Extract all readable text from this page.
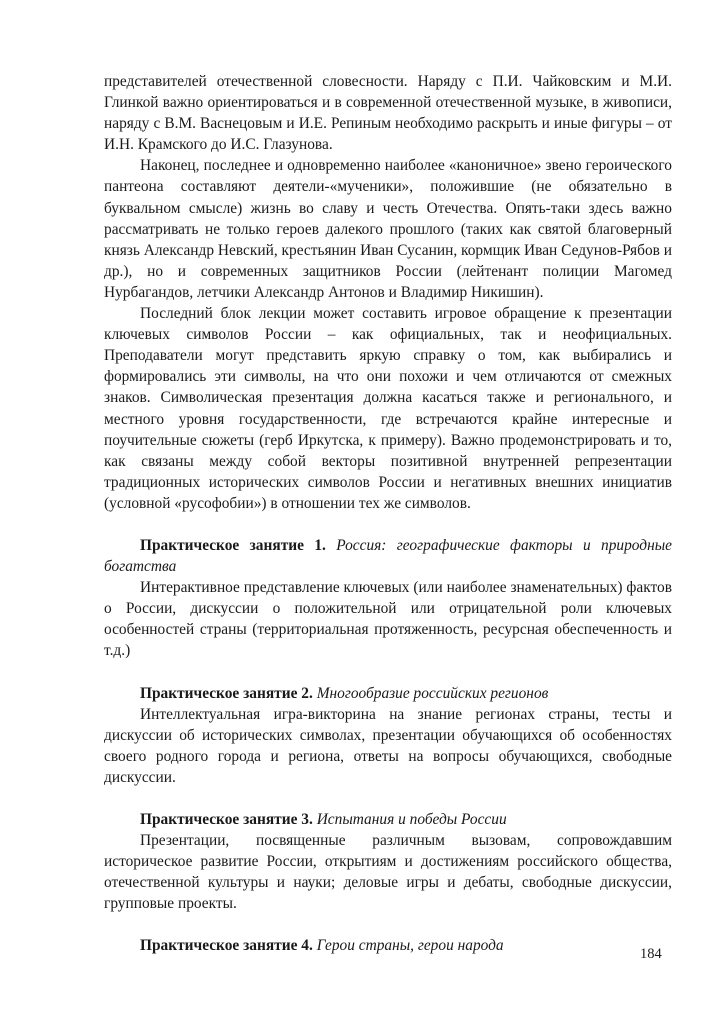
представителей отечественной словесности. Наряду с П.И. Чайковским и М.И. Глинкой важно ориентироваться и в современной отечественной музыке, в живописи, наряду с В.М. Васнецовым и И.Е. Репиным необходимо раскрыть и иные фигуры – от И.Н. Крамского до И.С. Глазунова.

Наконец, последнее и одновременно наиболее «каноничное» звено героического пантеона составляют деятели-«мученики», положившие (не обязательно в буквальном смысле) жизнь во славу и честь Отечества. Опять-таки здесь важно рассматривать не только героев далекого прошлого (таких как святой благоверный князь Александр Невский, крестьянин Иван Сусанин, кормщик Иван Седунов-Рябов и др.), но и современных защитников России (лейтенант полиции Магомед Нурбагандов, летчики Александр Антонов и Владимир Никишин).

Последний блок лекции может составить игровое обращение к презентации ключевых символов России – как официальных, так и неофициальных. Преподаватели могут представить яркую справку о том, как выбирались и формировались эти символы, на что они похожи и чем отличаются от смежных знаков. Символическая презентация должна касаться также и регионального, и местного уровня государственности, где встречаются крайне интересные и поучительные сюжеты (герб Иркутска, к примеру). Важно продемонстрировать и то, как связаны между собой векторы позитивной внутренней репрезентации традиционных исторических символов России и негативных внешних инициатив (условной «русофобии») в отношении тех же символов.

Практическое занятие 1. Россия: географические факторы и природные богатства

Интерактивное представление ключевых (или наиболее знаменательных) фактов о России, дискуссии о положительной или отрицательной роли ключевых особенностей страны (территориальная протяженность, ресурсная обеспеченность и т.д.)

Практическое занятие 2. Многообразие российских регионов

Интеллектуальная игра-викторина на знание регионах страны, тесты и дискуссии об исторических символах, презентации обучающихся об особенностях своего родного города и региона, ответы на вопросы обучающихся, свободные дискуссии.

Практическое занятие 3. Испытания и победы России

Презентации, посвященные различным вызовам, сопровождавшим историческое развитие России, открытиям и достижениям российского общества, отечественной культуры и науки; деловые игры и дебаты, свободные дискуссии, групповые проекты.

Практическое занятие 4. Герои страны, герои народа	184
